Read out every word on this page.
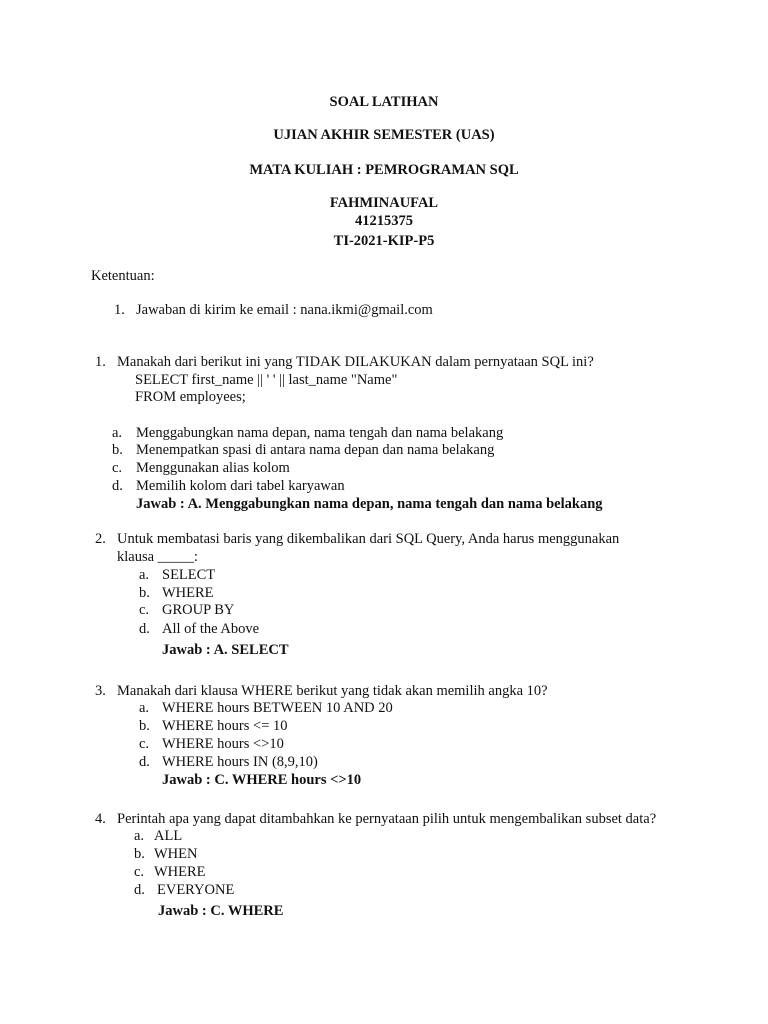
SOAL LATIHAN
UJIAN AKHIR SEMESTER (UAS)
MATA KULIAH : PEMROGRAMAN SQL
FAHMINAUFAL
41215375
TI-2021-KIP-P5
Ketentuan:
1. Jawaban di kirim ke email : nana.ikmi@gmail.com
1. Manakah dari berikut ini yang TIDAK DILAKUKAN dalam pernyataan SQL ini?
SELECT first_name || ' ' || last_name "Name"
FROM employees;
a. Menggabungkan nama depan, nama tengah dan nama belakang
b. Menempatkan spasi di antara nama depan dan nama belakang
c. Menggunakan alias kolom
d. Memilih kolom dari tabel karyawan
Jawab : A. Menggabungkan nama depan, nama tengah dan nama belakang
2. Untuk membatasi baris yang dikembalikan dari SQL Query, Anda harus menggunakan
klausa _____:
a. SELECT
b. WHERE
c. GROUP BY
d. All of the Above
Jawab : A. SELECT
3. Manakah dari klausa WHERE berikut yang tidak akan memilih angka 10?
a. WHERE hours BETWEEN 10 AND 20
b. WHERE hours <= 10
c. WHERE hours <>10
d. WHERE hours IN (8,9,10)
Jawab : C. WHERE hours <>10
4. Perintah apa yang dapat ditambahkan ke pernyataan pilih untuk mengembalikan subset data?
a. ALL
b. WHEN
c. WHERE
d. EVERYONE
Jawab : C. WHERE
